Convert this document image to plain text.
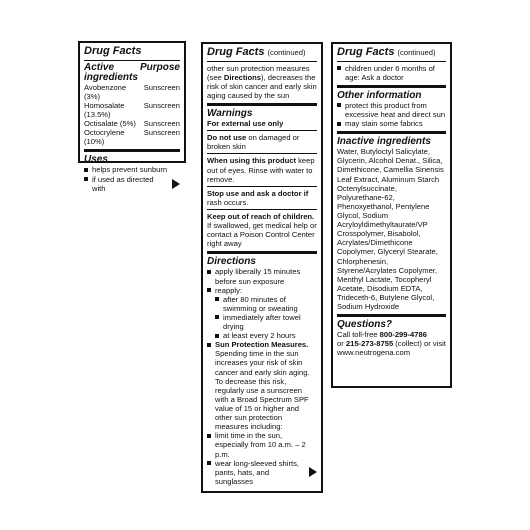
Drug Facts
Active ingredients
Purpose
Avobenzone (3%)
Sunscreen
Homosalate (13.5%)
Sunscreen
Octisalate (5%) Sunscreen
Octocrylene (10%)
Sunscreen
Uses
helps prevent sunburn
if used as directed with
Drug Facts (continued)

other sun protection measures (see Directions), decreases the risk of skin cancer and early skin aging caused by the sun

Warnings
For external use only

Do not use on damaged or broken skin

When using this product keep out of eyes. Rinse with water to remove.

Stop use and ask a doctor if rash occurs.

Keep out of reach of children. If swallowed, get medical help or contact a Poison Control Center right away

Directions
apply liberally 15 minutes before sun exposure
reapply:
after 80 minutes of swimming or sweating
immediately after towel drying
at least every 2 hours
Sun Protection Measures. Spending time in the sun increases your risk of skin cancer and early skin aging. To decrease this risk, regularly use a sunscreen with a Broad Spectrum SPF value of 15 or higher and other sun protection measures including:
limit time in the sun, especially from 10 a.m. – 2 p.m.
wear long-sleeved shirts, pants, hats, and sunglasses
Drug Facts (continued)
children under 6 months of age: Ask a doctor
Other information
protect this product from excessive heat and direct sun
may stain some fabrics
Inactive ingredients

Water, Butyloctyl Salicylate, Glycerin, Alcohol Denat., Silica, Dimethicone, Camellia Sinensis Leaf Extract, Aluminum Starch Octenylsuccinate, Polyurethane-62, Phenoxyethanol, Pentylene Glycol, Sodium Acryloyldimethyltaurate/VP Crosspolymer, Bisabolol, Acrylates/Dimethicone Copolymer, Glyceryl Stearate, Chlorphenesin, Styrene/Acrylates Copolymer, Menthyl Lactate, Tocopheryl Acetate, Disodium EDTA, Trideceth-6, Butylene Glycol, Sodium Hydroxide

Questions?

Call toll-free 800-299-4786
or 215-273-8755 (collect) or visit www.neutrogena.com
